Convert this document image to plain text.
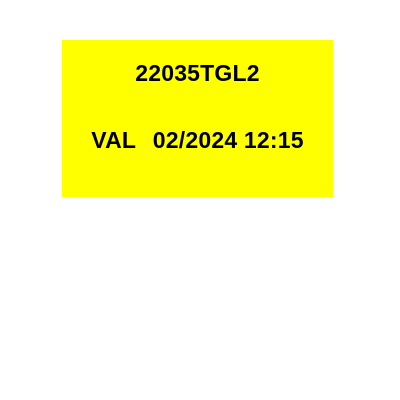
22035TGL2
VAL 02/2024 12:15
